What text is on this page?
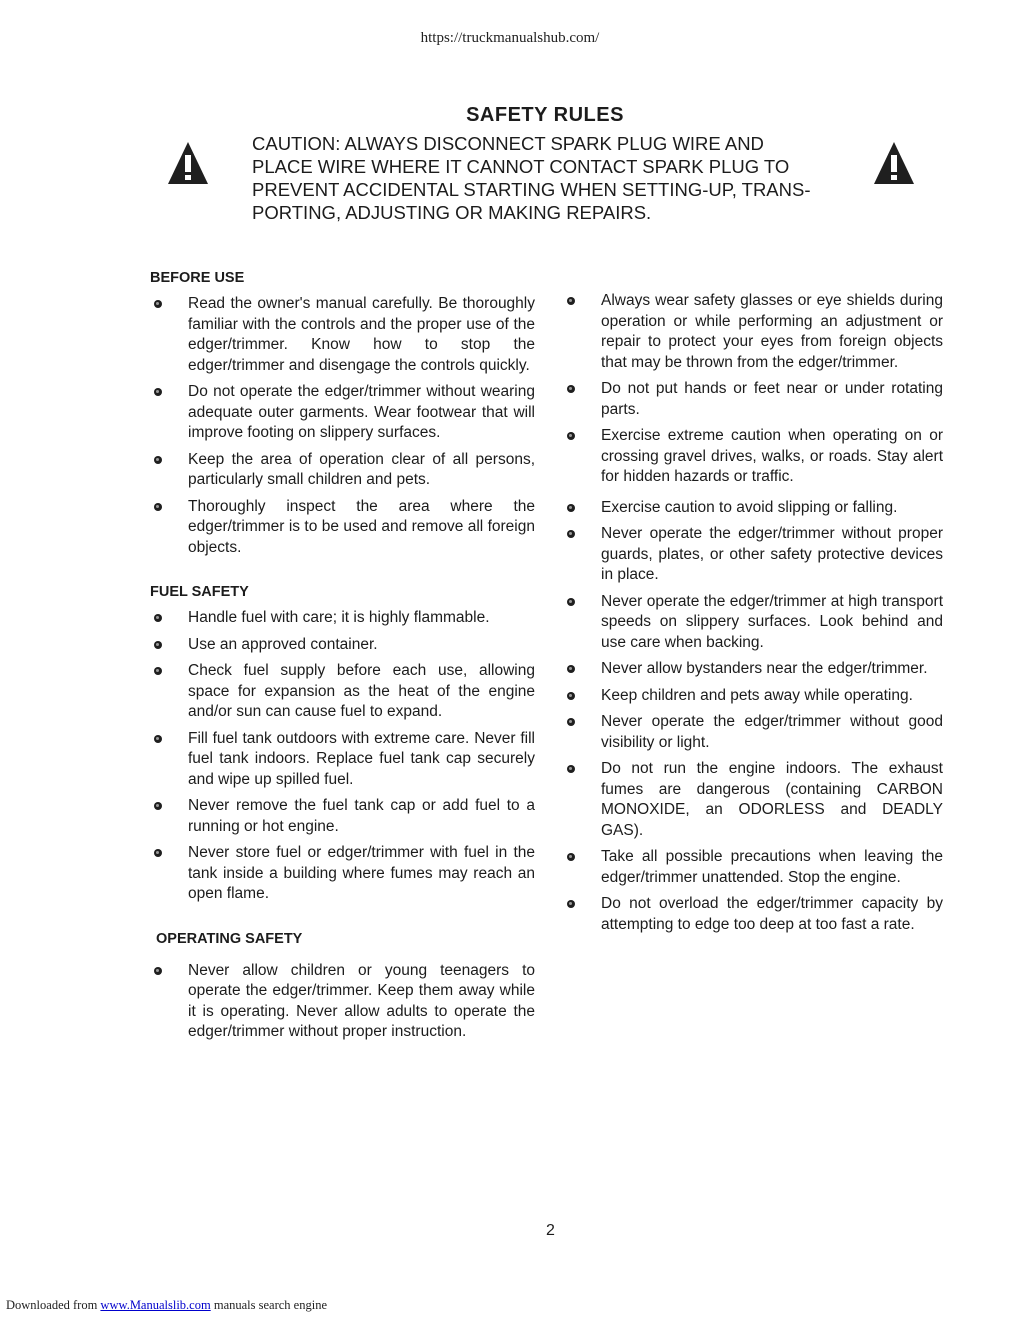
https://truckmanualshub.com/
SAFETY RULES
CAUTION: ALWAYS DISCONNECT SPARK PLUG WIRE AND
PLACE WIRE WHERE IT CANNOT CONTACT SPARK PLUG TO
PREVENT ACCIDENTAL STARTING WHEN SETTING-UP, TRANS-
PORTING, ADJUSTING OR MAKING REPAIRS.
BEFORE USE
Read the owner's manual carefully. Be thoroughly familiar with the controls and the proper use of the edger/trimmer. Know how to stop the edger/trimmer and disengage the controls quickly.
Do not operate the edger/trimmer without wearing adequate outer garments. Wear footwear that will improve footing on slippery surfaces.
Keep the area of operation clear of all persons, particularly small children and pets.
Thoroughly inspect the area where the edger/trimmer is to be used and remove all foreign objects.
FUEL SAFETY
Handle fuel with care; it is highly flammable.
Use an approved container.
Check fuel supply before each use, allowing space for expansion as the heat of the engine and/or sun can cause fuel to expand.
Fill fuel tank outdoors with extreme care. Never fill fuel tank indoors. Replace fuel tank cap securely and wipe up spilled fuel.
Never remove the fuel tank cap or add fuel to a running or hot engine.
Never store fuel or edger/trimmer with fuel in the tank inside a building where fumes may reach an open flame.
OPERATING SAFETY
Never allow children or young teenagers to operate the edger/trimmer. Keep them away while it is operating. Never allow adults to operate the edger/trimmer without proper instruction.
Always wear safety glasses or eye shields during operation or while performing an adjustment or repair to protect your eyes from foreign objects that may be thrown from the edger/trimmer.
Do not put hands or feet near or under rotating parts.
Exercise extreme caution when operating on or crossing gravel drives, walks, or roads. Stay alert for hidden hazards or traffic.
Exercise caution to avoid slipping or falling.
Never operate the edger/trimmer without proper guards, plates, or other safety protective devices in place.
Never operate the edger/trimmer at high transport speeds on slippery surfaces. Look behind and use care when backing.
Never allow bystanders near the edger/trimmer.
Keep children and pets away while operating.
Never operate the edger/trimmer without good visibility or light.
Do not run the engine indoors. The exhaust fumes are dangerous (containing CARBON MONOXIDE, an ODORLESS and DEADLY GAS).
Take all possible precautions when leaving the edger/trimmer unattended. Stop the engine.
Do not overload the edger/trimmer capacity by attempting to edge too deep at too fast a rate.
2
Downloaded from www.Manualslib.com manuals search engine
